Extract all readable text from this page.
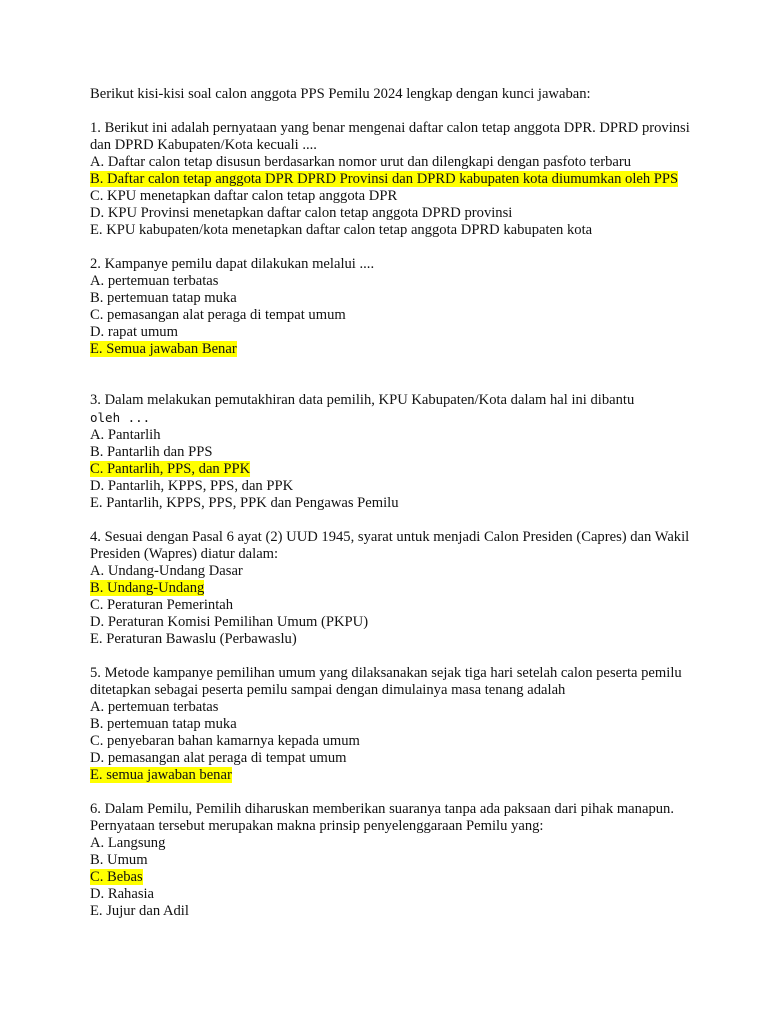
Berikut kisi-kisi soal calon anggota PPS Pemilu 2024 lengkap dengan kunci jawaban:

1. Berikut ini adalah pernyataan yang benar mengenai daftar calon tetap anggota DPR. DPRD provinsi dan DPRD Kabupaten/Kota kecuali ....

A. Daftar calon tetap disusun berdasarkan nomor urut dan dilengkapi dengan pasfoto terbaru
B. Daftar calon tetap anggota DPR DPRD Provinsi dan DPRD kabupaten kota diumumkan oleh PPS
C. KPU menetapkan daftar calon tetap anggota DPR
D. KPU Provinsi menetapkan daftar calon tetap anggota DPRD provinsi
E. KPU kabupaten/kota menetapkan daftar calon tetap anggota DPRD kabupaten kota

2. Kampanye pemilu dapat dilakukan melalui ....

A. pertemuan terbatas
B. pertemuan tatap muka
C. pemasangan alat peraga di tempat umum
D. rapat umum
E. Semua jawaban Benar

3. Dalam melakukan pemutakhiran data pemilih, KPU Kabupaten/Kota dalam hal ini dibantu
oleh ...

A. Pantarlih
B. Pantarlih dan PPS
C. Pantarlih, PPS, dan PPK
D. Pantarlih, KPPS, PPS, dan PPK
E. Pantarlih, KPPS, PPS, PPK dan Pengawas Pemilu

4. Sesuai dengan Pasal 6 ayat (2) UUD 1945, syarat untuk menjadi Calon Presiden (Capres) dan Wakil Presiden (Wapres) diatur dalam:

A. Undang-Undang Dasar
B. Undang-Undang
C. Peraturan Pemerintah
D. Peraturan Komisi Pemilihan Umum (PKPU)
E. Peraturan Bawaslu (Perbawaslu)

5. Metode kampanye pemilihan umum yang dilaksanakan sejak tiga hari setelah calon peserta pemilu ditetapkan sebagai peserta pemilu sampai dengan dimulainya masa tenang adalah

A. pertemuan terbatas
B. pertemuan tatap muka
C. penyebaran bahan kamarnya kepada umum
D. pemasangan alat peraga di tempat umum
E. semua jawaban benar

6. Dalam Pemilu, Pemilih diharuskan memberikan suaranya tanpa ada paksaan dari pihak manapun. Pernyataan tersebut merupakan makna prinsip penyelenggaraan Pemilu yang:

A. Langsung
B. Umum
C. Bebas
D. Rahasia
E. Jujur dan Adil
